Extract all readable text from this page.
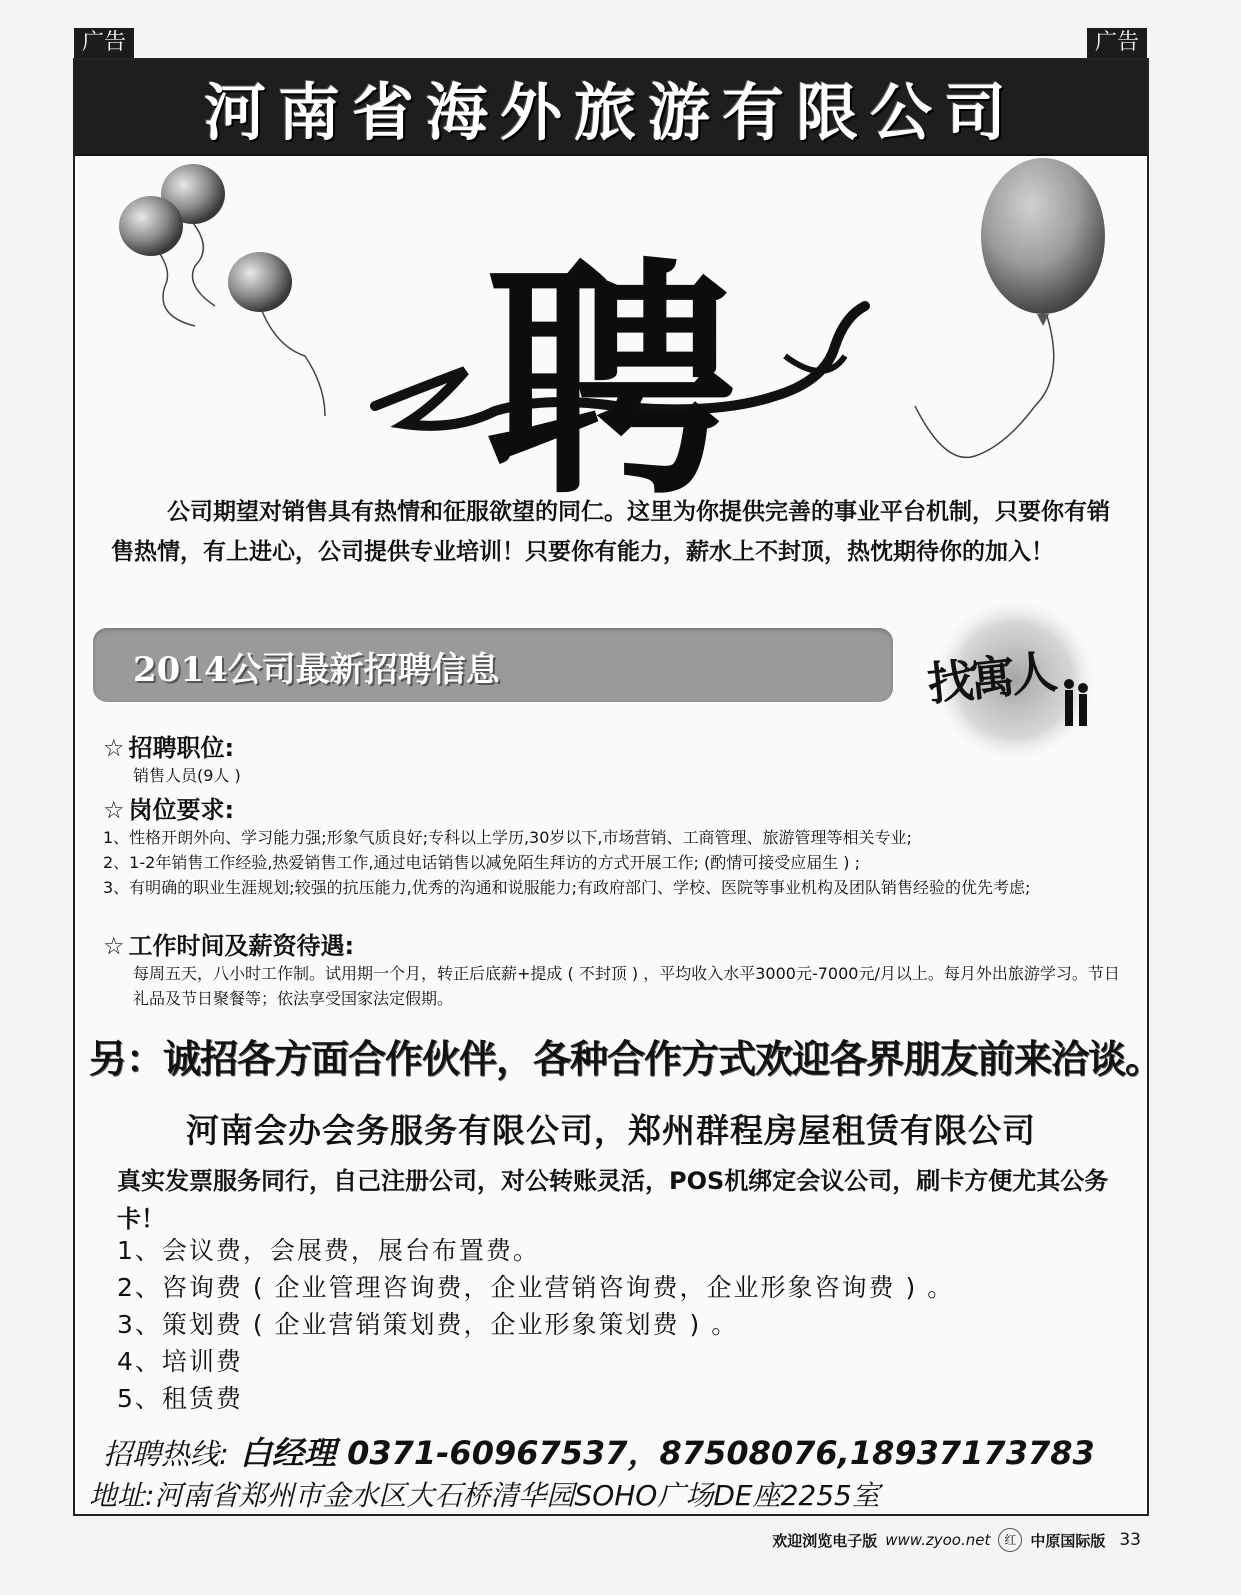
广告	广告
河南省海外旅游有限公司
聘
公司期望对销售具有热情和征服欲望的同仁。这里为你提供完善的事业平台机制，只要你有销售热情，有上进心，公司提供专业培训！只要你有能力，薪水上不封顶，热忱期待你的加入！
2014公司最新招聘信息	找寓人
☆ 招聘职位:
销售人员(9人 )
☆ 岗位要求:
1、性格开朗外向、学习能力强;形象气质良好;专科以上学历,30岁以下,市场营销、工商管理、旅游管理等相关专业;
2、1-2年销售工作经验,热爱销售工作,通过电话销售以减免陌生拜访的方式开展工作; (酌情可接受应届生 ) ;
3、有明确的职业生涯规划;较强的抗压能力,优秀的沟通和说服能力;有政府部门、学校、医院等事业机构及团队销售经验的优先考虑;
☆ 工作时间及薪资待遇:
每周五天，八小时工作制。试用期一个月，转正后底薪+提成 ( 不封顶 ) ，平均收入水平3000元-7000元/月以上。每月外出旅游学习。节日礼品及节日聚餐等；依法享受国家法定假期。
另：诚招各方面合作伙伴，各种合作方式欢迎各界朋友前来洽谈。
河南会办会务服务有限公司，郑州群程房屋租赁有限公司
真实发票服务同行，自己注册公司，对公转账灵活，POS机绑定会议公司，刷卡方便尤其公务卡！
1、会议费，会展费，展台布置费。
2、咨询费 ( 企业管理咨询费，企业营销咨询费，企业形象咨询费 ) 。
3、策划费 ( 企业营销策划费，企业形象策划费 ) 。
4、培训费
5、租赁费
招聘热线: 白经理 0371-60967537，87508076,18937173783
地址:河南省郑州市金水区大石桥清华园SOHO广场DE座2255室
欢迎浏览电子版 www.zyoo.net	红 中原国际版 33
